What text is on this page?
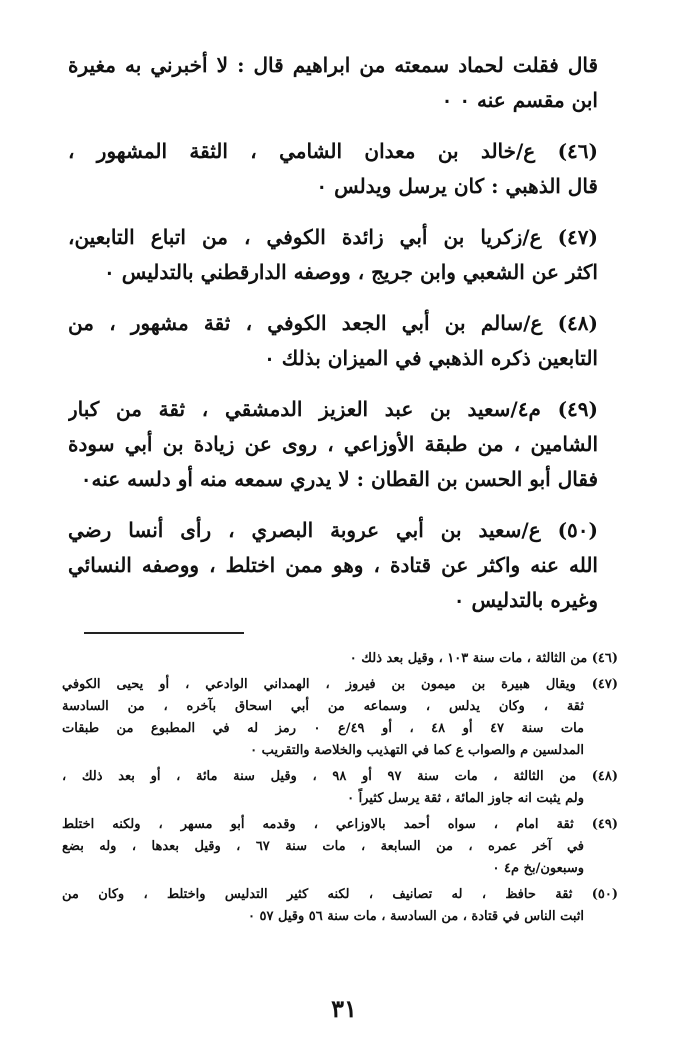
قال فقلت لحماد سمعته من ابراهيم قال : لا أخبرني به مغيرة
ابن مقسم عنه ٠ ٠

(٤٦) ع/خالد بن معدان الشامي ، الثقة المشهور ،
قال الذهبي : كان يرسل ويدلس ٠

(٤٧) ع/زكريا بن أبي زائدة الكوفي ، من اتباع التابعين،
اكثر عن الشعبي وابن جريج ، ووصفه الدارقطني بالتدليس ٠

(٤٨) ع/سالم بن أبي الجعد الكوفي ، ثقة مشهور ، من
التابعين ذكره الذهبي في الميزان بذلك ٠

(٤٩) م٤/سعيد بن عبد العزيز الدمشقي ، ثقة من كبار
الشامين ، من طبقة الأوزاعي ، روى عن زيادة بن أبي سودة
فقال أبو الحسن بن القطان : لا يدري سمعه منه أو دلسه عنه٠

(٥٠) ع/سعيد بن أبي عروبة البصري ، رأى أنسا رضي
الله عنه واكثر عن قتادة ، وهو ممن اختلط ، ووصفه النسائي
وغيره بالتدليس ٠

(٤٦) من الثالثة ، مات سنة ١٠٣ ، وقيل بعد ذلك ٠
(٤٧) ويقال هبيرة بن ميمون بن فيروز ، الهمداني الوادعي ، أو يحيى الكوفي
ثقة ، وكان يدلس ، وسماعه من أبي اسحاق بآخره ، من السادسة
مات سنة ٤٧ أو ٤٨ ، أو ٤٩/ع ٠ رمز له في المطبوع من طبقات
المدلسين م والصواب ع كما في التهذيب والخلاصة والتقريب ٠
(٤٨) من الثالثة ، مات سنة ٩٧ أو ٩٨ ، وقيل سنة مائة ، أو بعد ذلك ،
ولم يثبت انه جاوز المائة ، ثقة يرسل كثيراً ٠
(٤٩) ثقة امام ، سواه أحمد بالاوزاعي ، وقدمه أبو مسهر ، ولكنه اختلط
في آخر عمره ، من السابعة ، مات سنة ٦٧ ، وقيل بعدها ، وله بضع
وسبعون/بخ م٤ ٠
(٥٠) ثقة حافظ ، له تصانيف ، لكنه كثير التدليس واختلط ، وكان من
اثبت الناس في قتادة ، من السادسة ، مات سنة ٥٦ وقيل ٥٧ ٠
٣١
